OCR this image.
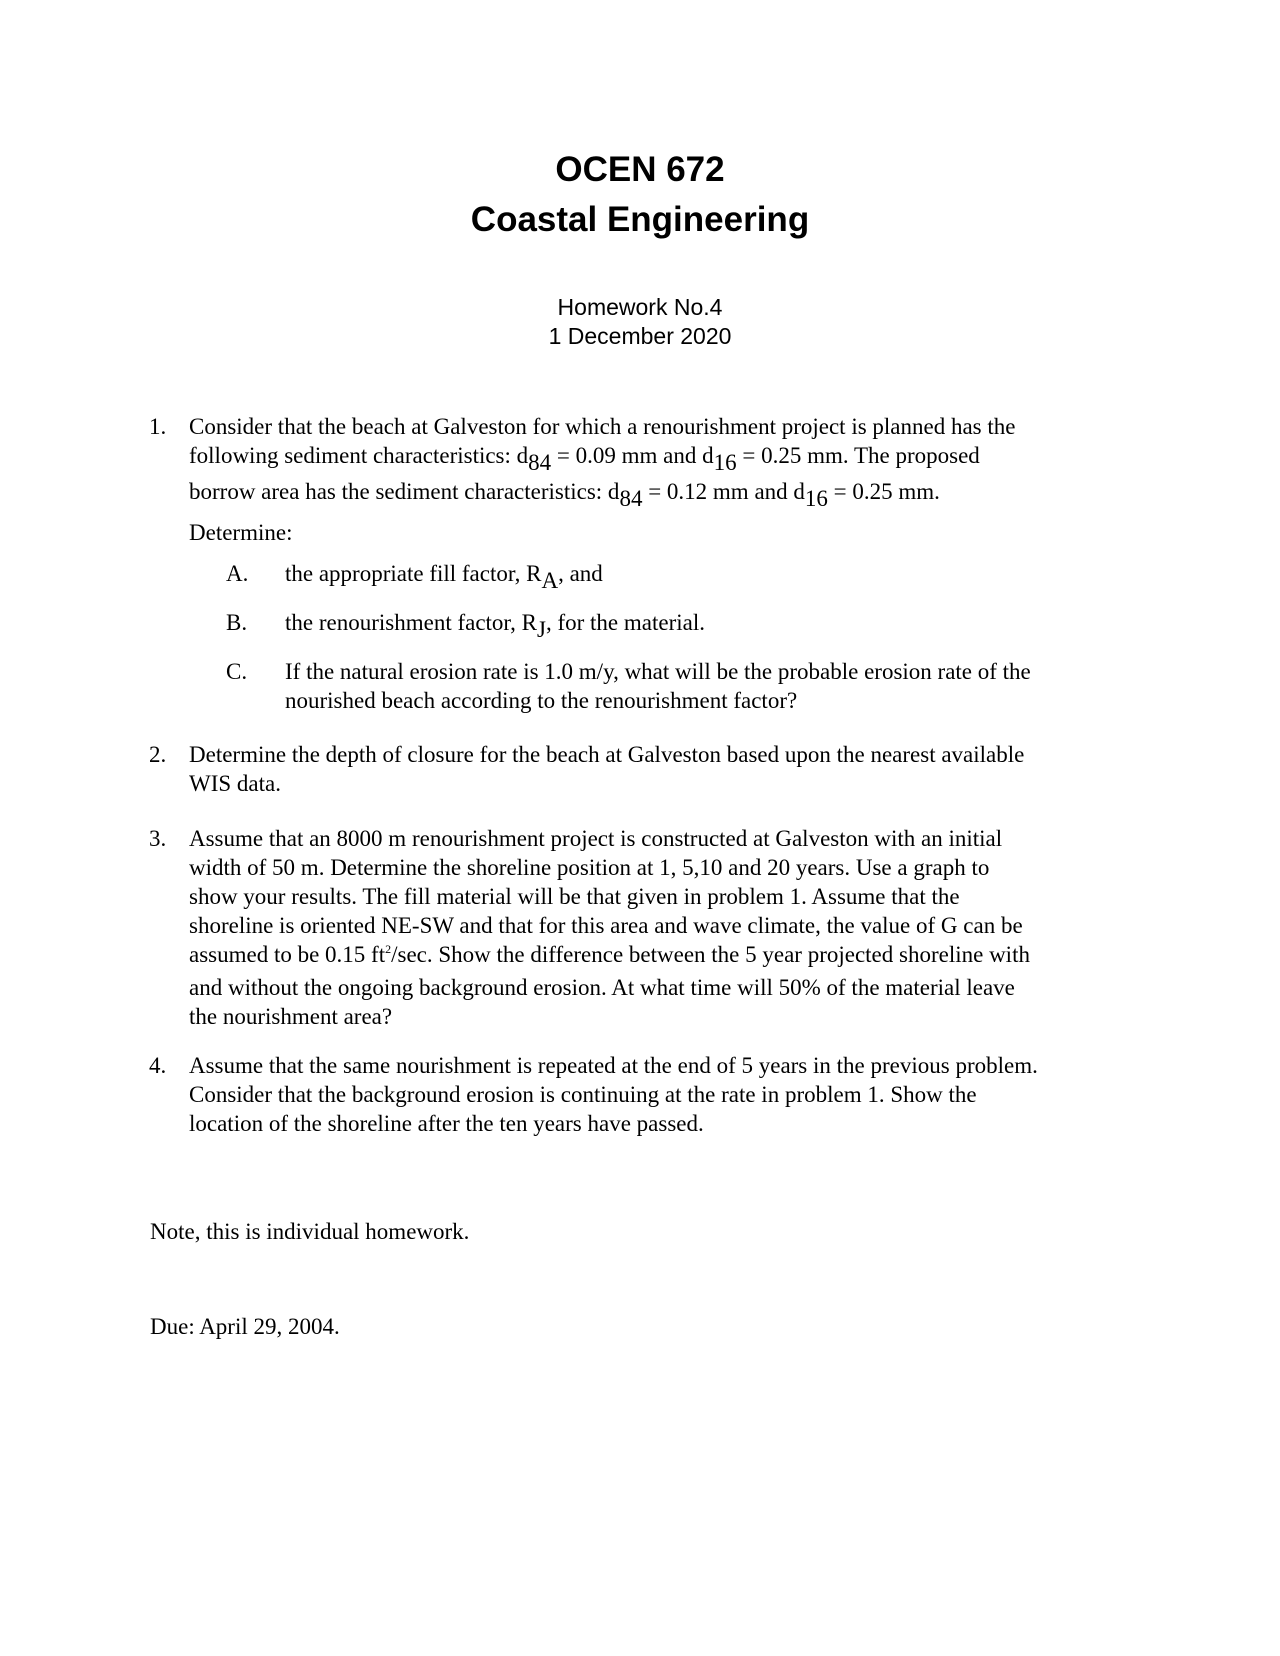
OCEN 672
Coastal Engineering
Homework No.4
1 December 2020
1. Consider that the beach at Galveston for which a renourishment project is planned has the
following sediment characteristics: d84 = 0.09 mm and d16 = 0.25 mm. The proposed
borrow area has the sediment characteristics: d84 = 0.12 mm and d16 = 0.25 mm.
Determine:
A. the appropriate fill factor, RA, and
B. the renourishment factor, RJ, for the material.
C. If the natural erosion rate is 1.0 m/y, what will be the probable erosion rate of the
nourished beach according to the renourishment factor?
2. Determine the depth of closure for the beach at Galveston based upon the nearest available
WIS data.
3. Assume that an 8000 m renourishment project is constructed at Galveston with an initial
width of 50 m. Determine the shoreline position at 1, 5,10 and 20 years. Use a graph to
show your results. The fill material will be that given in problem 1. Assume that the
shoreline is oriented NE-SW and that for this area and wave climate, the value of G can be
assumed to be 0.15 $ft^2/\sec$. Show the difference between the 5 year projected shoreline with
and without the ongoing background erosion. At what time will 50% of the material leave
the nourishment area?
4. Assume that the same nourishment is repeated at the end of 5 years in the previous problem.
Consider that the background erosion is continuing at the rate in problem 1. Show the
location of the shoreline after the ten years have passed.
Note, this is individual homework.
Due: April 29, 2004.
